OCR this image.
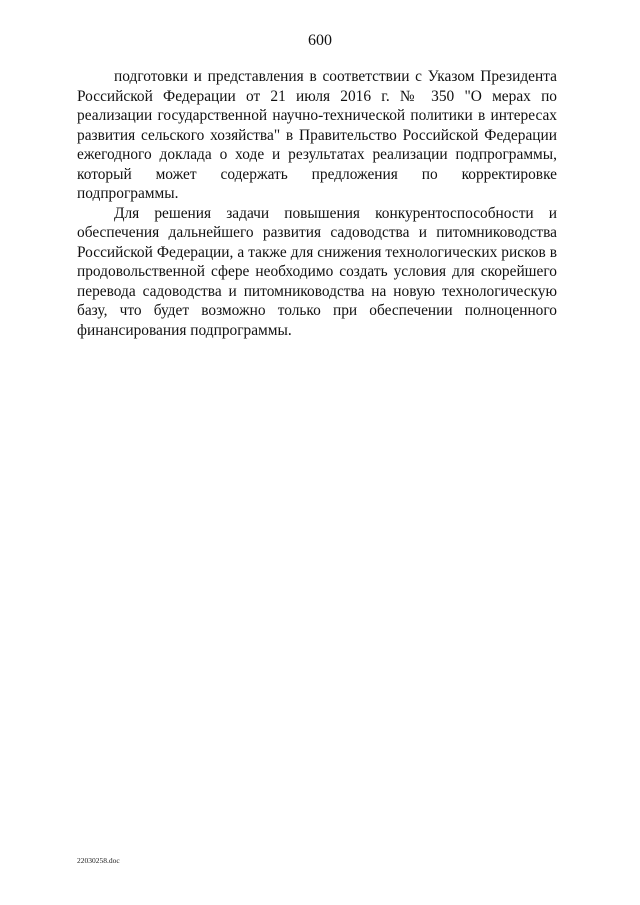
600

подготовки и представления в соответствии с Указом Президента Российской Федерации от 21 июля 2016 г. № 350 "О мерах по реализации государственной научно-технической политики в интересах развития сельского хозяйства" в Правительство Российской Федерации ежегодного доклада о ходе и результатах реализации подпрограммы, который может содержать предложения по корректировке подпрограммы.

Для решения задачи повышения конкурентоспособности и обеспечения дальнейшего развития садоводства и питомниководства Российской Федерации, а также для снижения технологических рисков в продовольственной сфере необходимо создать условия для скорейшего перевода садоводства и питомниководства на новую технологическую базу, что будет возможно только при обеспечении полноценного финансирования подпрограммы.

22030258.doc
